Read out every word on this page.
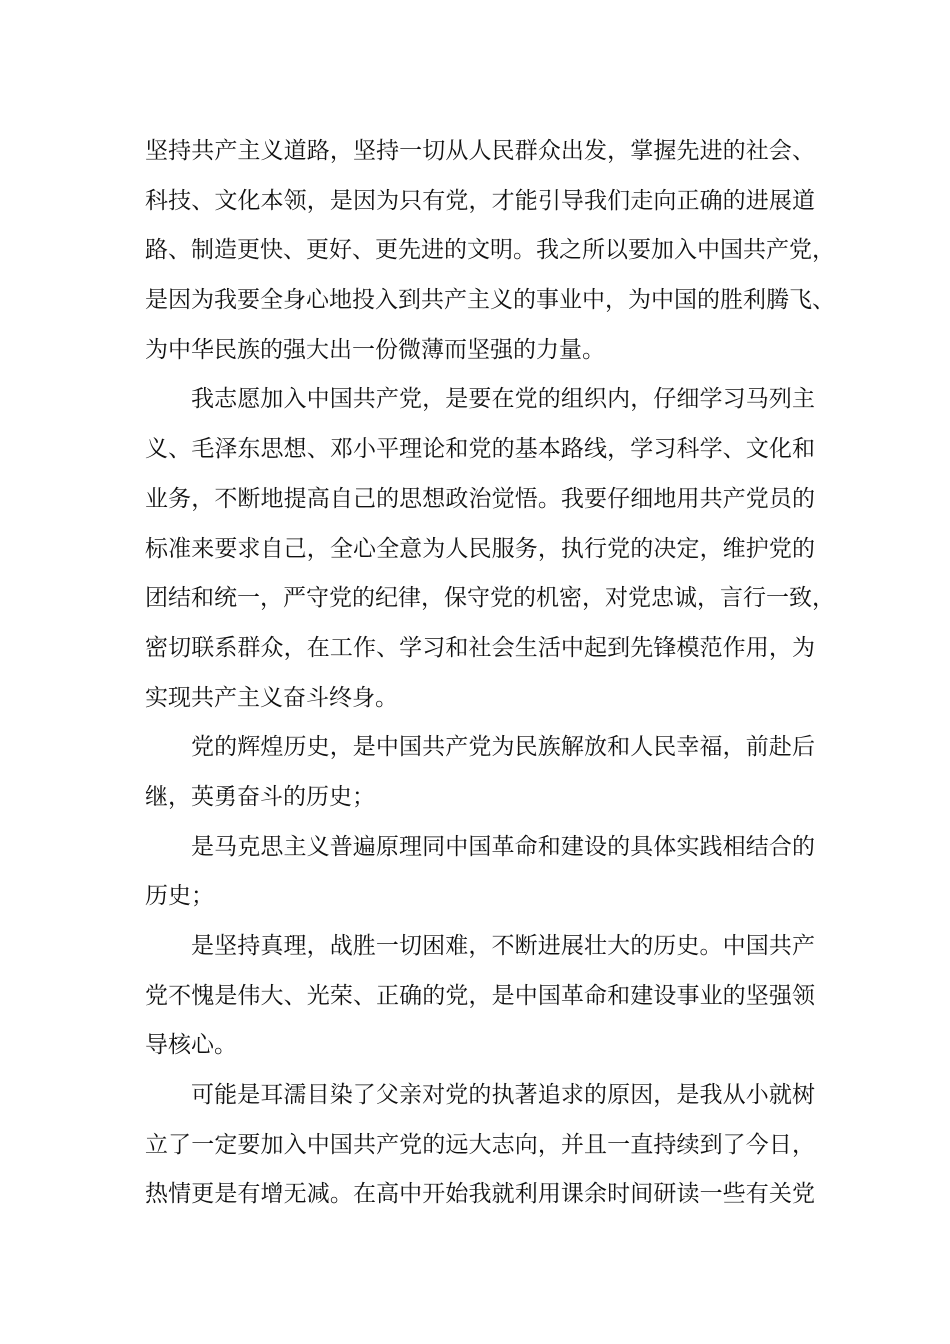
坚持共产主义道路，坚持一切从人民群众出发，掌握先进的社会、
科技、文化本领，是因为只有党，才能引导我们走向正确的进展道
路、制造更快、更好、更先进的文明。我之所以要加入中国共产党，
是因为我要全身心地投入到共产主义的事业中，为中国的胜利腾飞、
为中华民族的强大出一份微薄而坚强的力量。
我志愿加入中国共产党，是要在党的组织内，仔细学习马列主
义、毛泽东思想、邓小平理论和党的基本路线，学习科学、文化和
业务，不断地提高自己的思想政治觉悟。我要仔细地用共产党员的
标准来要求自己，全心全意为人民服务，执行党的决定，维护党的
团结和统一，严守党的纪律，保守党的机密，对党忠诚，言行一致，
密切联系群众，在工作、学习和社会生活中起到先锋模范作用，为
实现共产主义奋斗终身。
党的辉煌历史，是中国共产党为民族解放和人民幸福，前赴后
继，英勇奋斗的历史；
是马克思主义普遍原理同中国革命和建设的具体实践相结合的
历史；
是坚持真理，战胜一切困难，不断进展壮大的历史。中国共产
党不愧是伟大、光荣、正确的党，是中国革命和建设事业的坚强领
导核心。
可能是耳濡目染了父亲对党的执著追求的原因，是我从小就树
立了一定要加入中国共产党的远大志向，并且一直持续到了今日，
热情更是有增无减。在高中开始我就利用课余时间研读一些有关党
